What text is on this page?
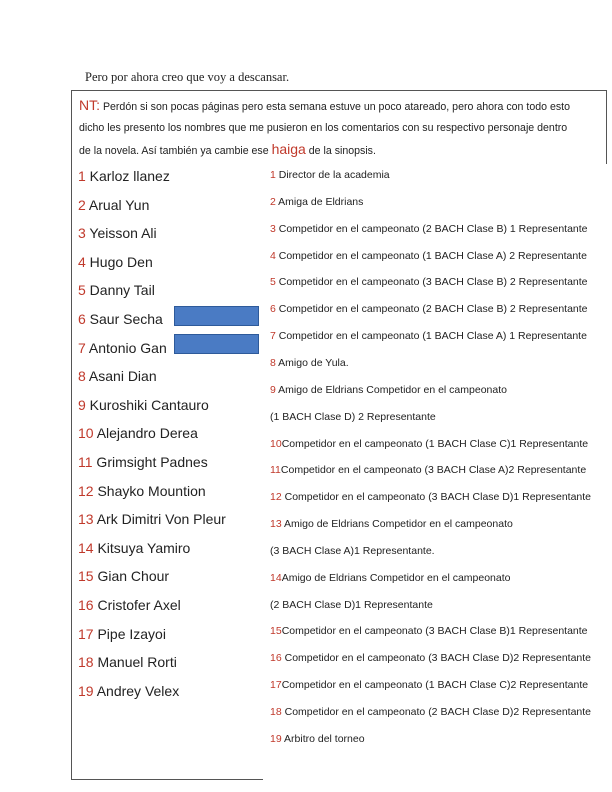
Pero por ahora creo que voy a descansar.
NT: Perdón si son pocas páginas pero esta semana estuve un poco atareado, pero ahora con todo esto
dicho les presento los nombres que me pusieron en los comentarios con su respectivo personaje dentro
de la novela. Así también ya cambie ese haiga de la sinopsis.
1 Karloz llanez
2 Arual Yun
3 Yeisson Ali
4 Hugo Den
5 Danny Tail
6 Saur Secha
7 Antonio Gan
8 Asani Dian
9 Kuroshiki Cantauro
10 Alejandro Derea
11 Grimsight Padnes
12 Shayko Mountion
13 Ark Dimitri Von Pleur
14 Kitsuya Yamiro
15 Gian Chour
16 Cristofer Axel
17 Pipe Izayoi
18 Manuel Rorti
19 Andrey Velex
1 Director de la academia
2 Amiga de Eldrians
3 Competidor en el campeonato (2 BACH Clase B) 1 Representante
4 Competidor en el campeonato (1 BACH Clase A) 2 Representante
5 Competidor en el campeonato (3 BACH Clase B) 2 Representante
6 Competidor en el campeonato (2 BACH Clase B) 2 Representante
7 Competidor en el campeonato (1 BACH Clase A) 1 Representante
8 Amigo de Yula.
9 Amigo de Eldrians Competidor en el campeonato
(1 BACH Clase D) 2 Representante
10Competidor en el campeonato (1 BACH Clase C)1 Representante
11Competidor en el campeonato (3 BACH Clase A)2 Representante
12 Competidor en el campeonato (3 BACH Clase D)1 Representante
13 Amigo de Eldrians Competidor en el campeonato
(3 BACH Clase A)1 Representante.
14Amigo de Eldrians Competidor en el campeonato
(2 BACH Clase D)1 Representante
15Competidor en el campeonato (3 BACH Clase B)1 Representante
16 Competidor en el campeonato (3 BACH Clase D)2 Representante
17Competidor en el campeonato (1 BACH Clase C)2 Representante
18 Competidor en el campeonato (2 BACH Clase D)2 Representante
19 Arbitro del torneo
